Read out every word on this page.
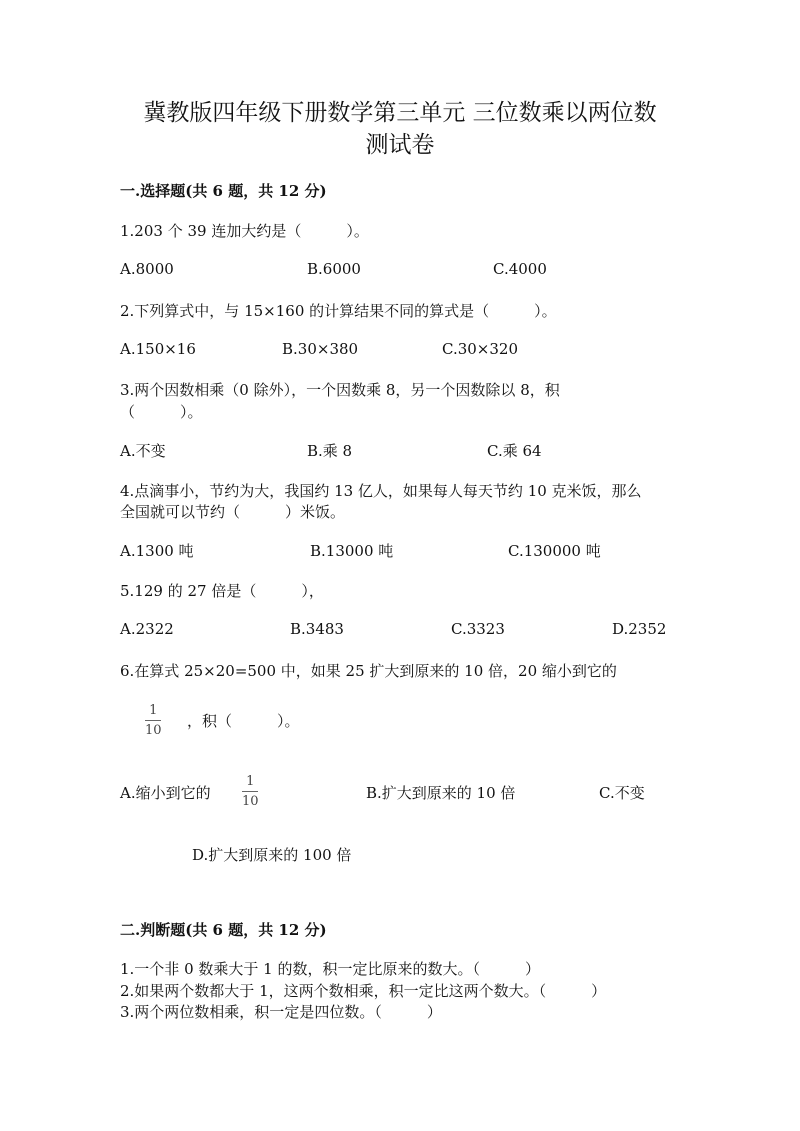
冀教版四年级下册数学第三单元 三位数乘以两位数
测试卷
一.选择题(共 6 题，共 12 分)
1.203 个 39 连加大约是（　　　）。
A.8000	B.6000	C.4000
2.下列算式中，与 15×160 的计算结果不同的算式是（　　　）。
A.150×16	B.30×380	C.30×320
3.两个因数相乘（0 除外），一个因数乘 8，另一个因数除以 8，积
（　　　）。
A.不变	B.乘 8	C.乘 64
4.点滴事小，节约为大，我国约 13 亿人，如果每人每天节约 10 克米饭，那么
全国就可以节约（　　　）米饭。
A.1300 吨	B.13000 吨	C.130000 吨
5.129 的 27 倍是（　　　），
A.2322	B.3483	C.3323	D.2352
6.在算式 25×20=500 中，如果 25 扩大到原来的 10 倍，20 缩小到它的
1
10
，积（　　　）。
A.缩小到它的
1
10	B.扩大到原来的 10 倍	C.不变
D.扩大到原来的 100 倍
二.判断题(共 6 题，共 12 分)
1.一个非 0 数乘大于 1 的数，积一定比原来的数大。（　　　）
2.如果两个数都大于 1，这两个数相乘，积一定比这两个数大。（　　　）
3.两个两位数相乘，积一定是四位数。（　　　）
